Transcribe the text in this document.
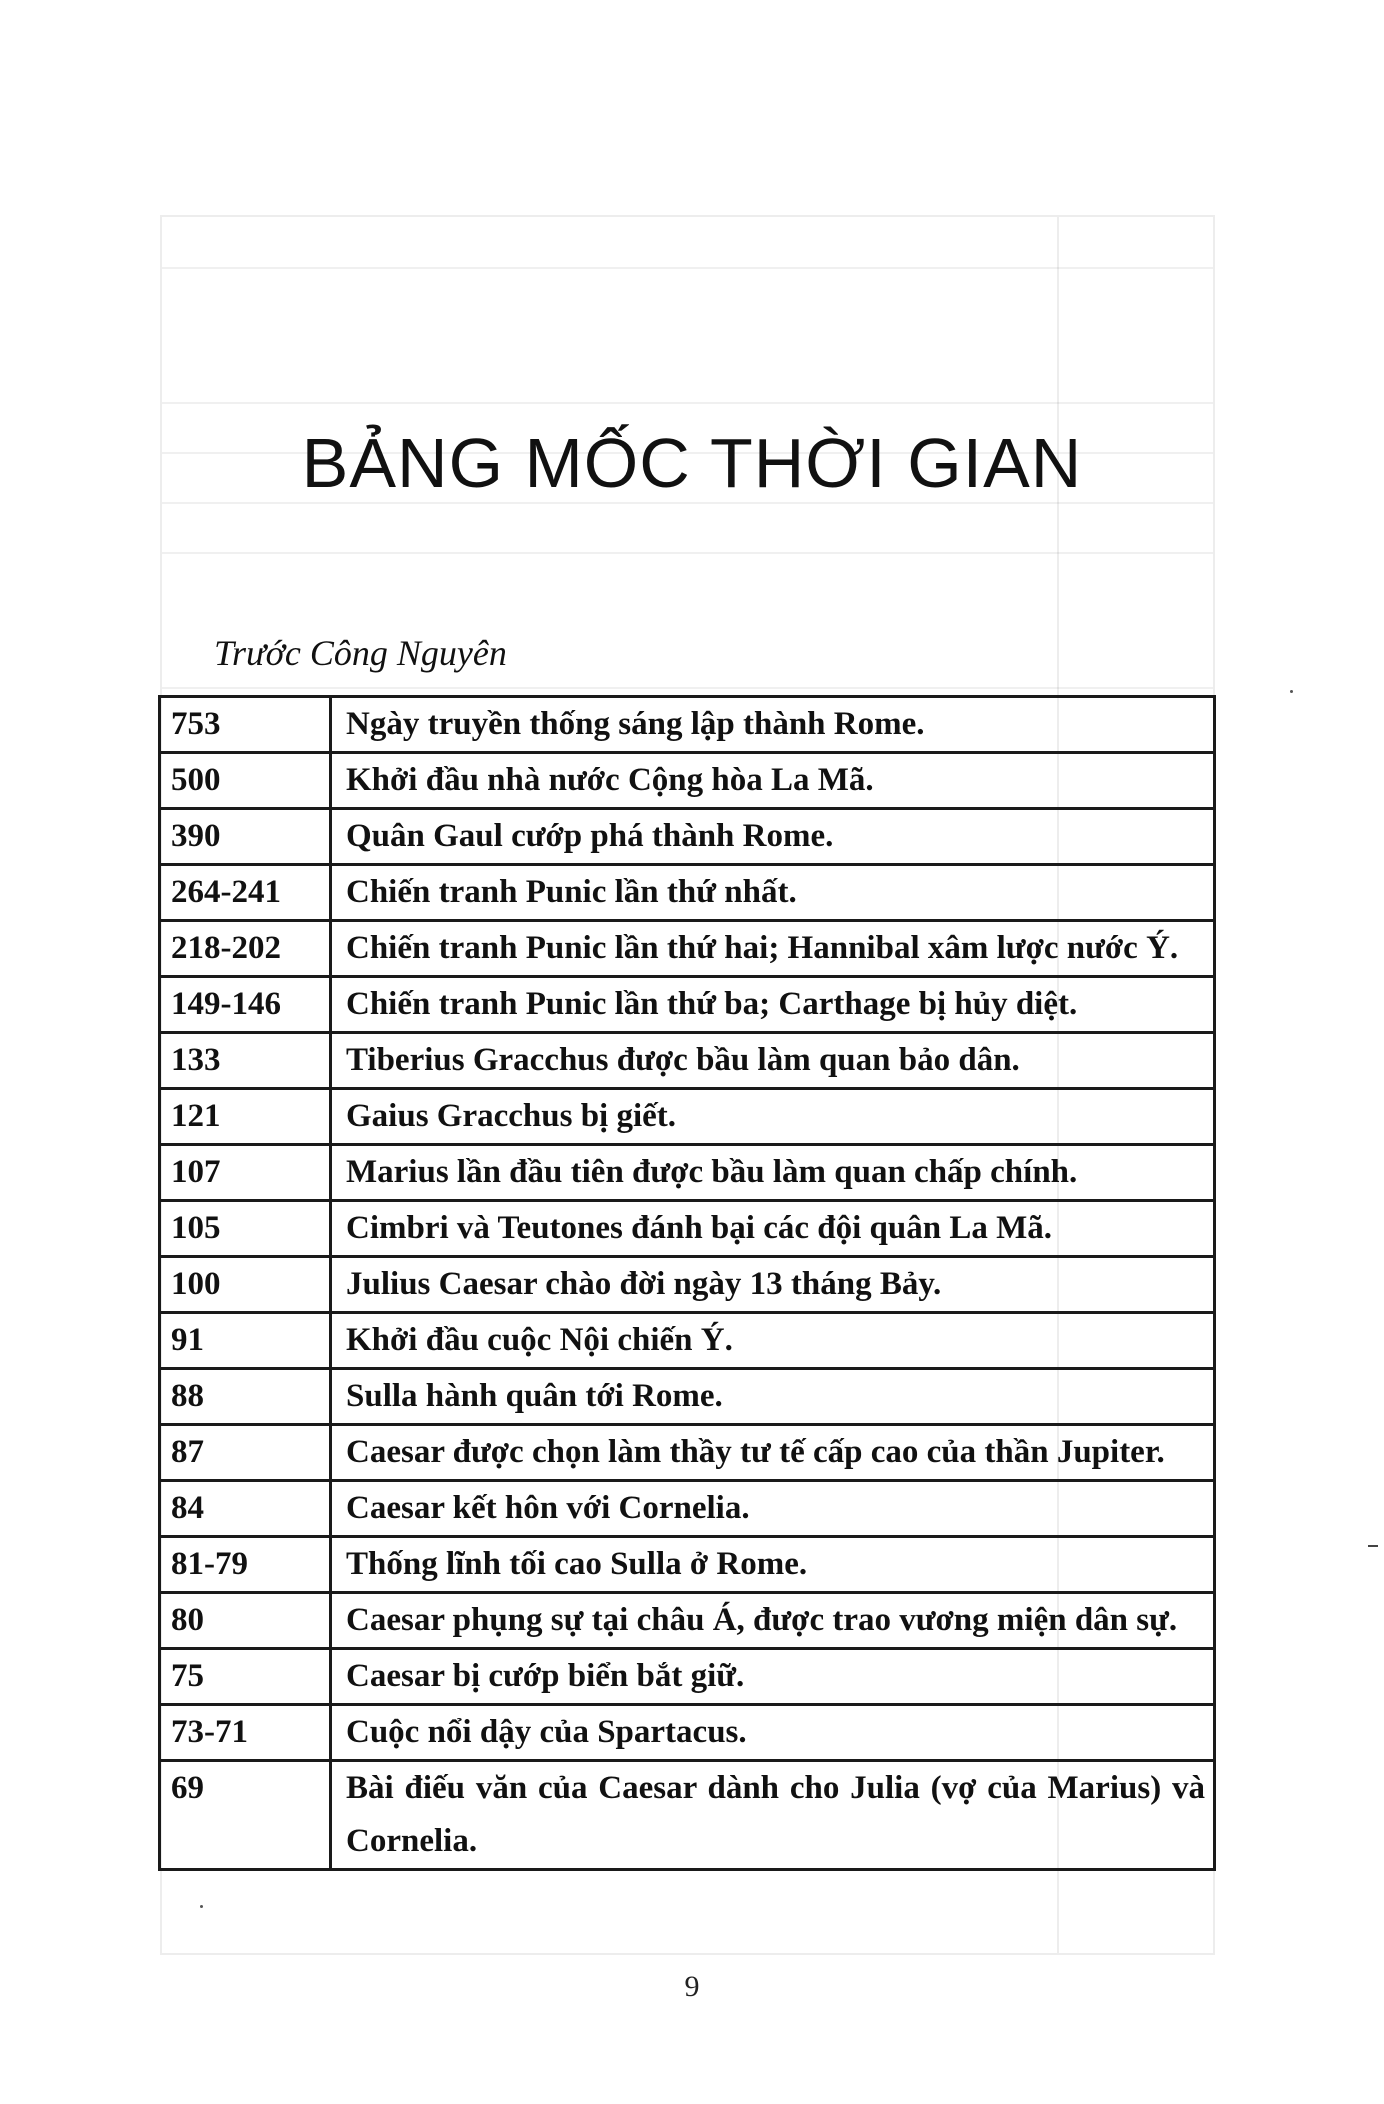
BẢNG MỐC THỜI GIAN
Trước Công Nguyên
753	Ngày truyền thống sáng lập thành Rome.
500	Khởi đầu nhà nước Cộng hòa La Mã.
390	Quân Gaul cướp phá thành Rome.
264-241	Chiến tranh Punic lần thứ nhất.
218-202	Chiến tranh Punic lần thứ hai; Hannibal xâm lược nước Ý.
149-146	Chiến tranh Punic lần thứ ba; Carthage bị hủy diệt.
133	Tiberius Gracchus được bầu làm quan bảo dân.
121	Gaius Gracchus bị giết.
107	Marius lần đầu tiên được bầu làm quan chấp chính.
105	Cimbri và Teutones đánh bại các đội quân La Mã.
100	Julius Caesar chào đời ngày 13 tháng Bảy.
91	Khởi đầu cuộc Nội chiến Ý.
88	Sulla hành quân tới Rome.
87	Caesar được chọn làm thầy tư tế cấp cao của thần Jupiter.
84	Caesar kết hôn với Cornelia.
81-79	Thống lĩnh tối cao Sulla ở Rome.
80	Caesar phụng sự tại châu Á, được trao vương miện dân sự.
75	Caesar bị cướp biển bắt giữ.
73-71	Cuộc nổi dậy của Spartacus.
69	Bài điếu văn của Caesar dành cho Julia (vợ của Marius) và Cornelia.
9
